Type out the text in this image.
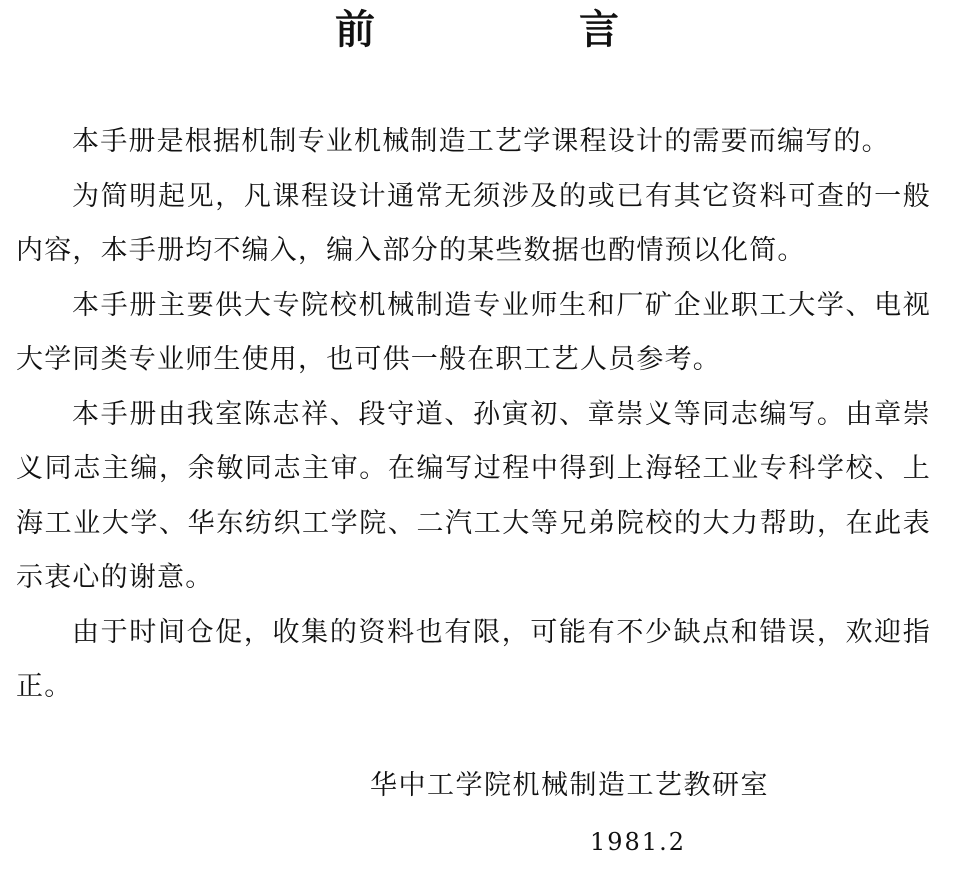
前　言

本手册是根据机制专业机械制造工艺学课程设计的需要而编写的。

为简明起见，凡课程设计通常无须涉及的或已有其它资料可查的一般内容，本手册均不编入，编入部分的某些数据也酌情预以化简。

本手册主要供大专院校机械制造专业师生和厂矿企业职工大学、电视大学同类专业师生使用，也可供一般在职工艺人员参考。

本手册由我室陈志祥、段守道、孙寅初、章崇义等同志编写。由章崇义同志主编，余敏同志主审。在编写过程中得到上海轻工业专科学校、上海工业大学、华东纺织工学院、二汽工大等兄弟院校的大力帮助，在此表示衷心的谢意。

由于时间仓促，收集的资料也有限，可能有不少缺点和错误，欢迎指正。

华中工学院机械制造工艺教研室
1981.2
